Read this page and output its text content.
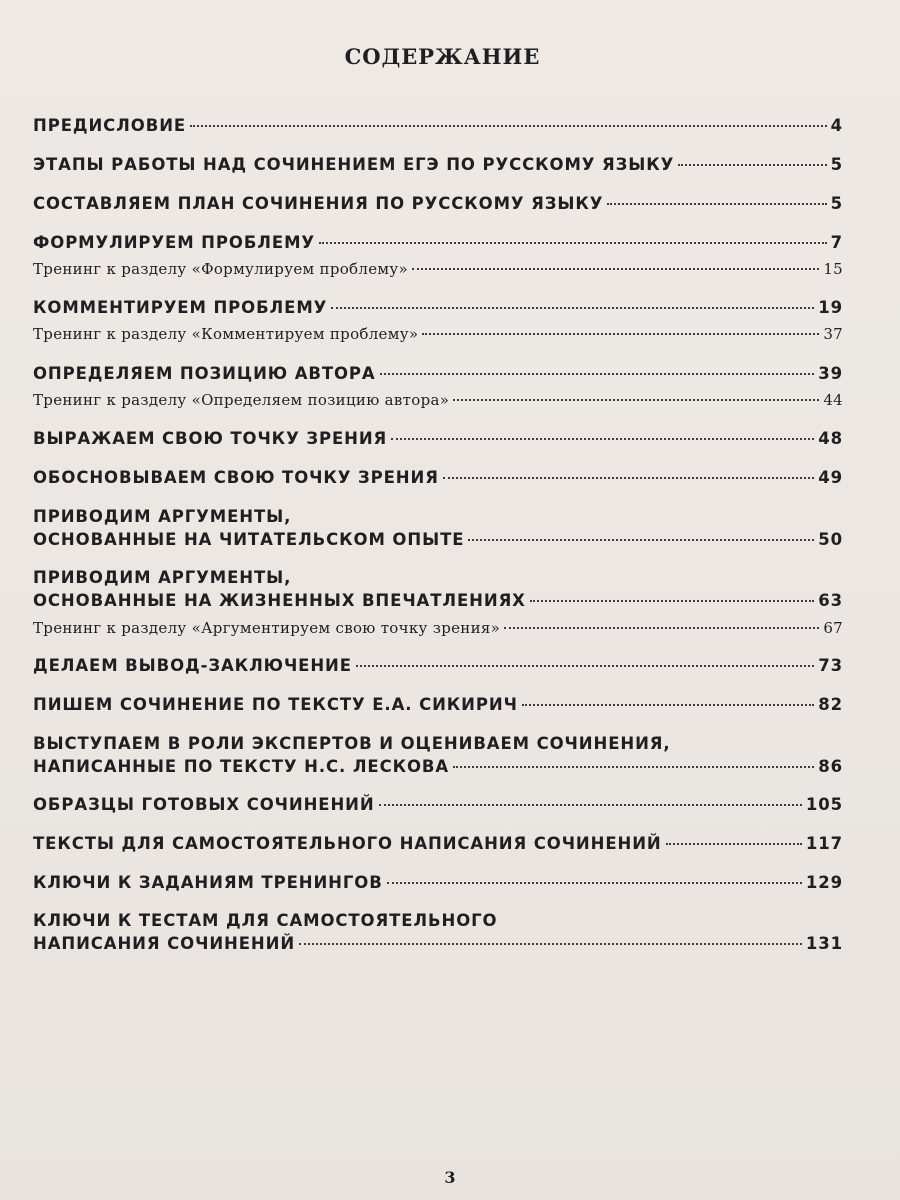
СОДЕРЖАНИЕ
ПРЕДИСЛОВИЕ	4
ЭТАПЫ РАБОТЫ НАД СОЧИНЕНИЕМ ЕГЭ ПО РУССКОМУ ЯЗЫКУ	5
СОСТАВЛЯЕМ ПЛАН СОЧИНЕНИЯ ПО РУССКОМУ ЯЗЫКУ	5
ФОРМУЛИРУЕМ ПРОБЛЕМУ	7
Тренинг к разделу «Формулируем проблему»	15
КОММЕНТИРУЕМ ПРОБЛЕМУ	19
Тренинг к разделу «Комментируем проблему»	37
ОПРЕДЕЛЯЕМ ПОЗИЦИЮ АВТОРА	39
Тренинг к разделу «Определяем позицию автора»	44
ВЫРАЖАЕМ СВОЮ ТОЧКУ ЗРЕНИЯ	48
ОБОСНОВЫВАЕМ СВОЮ ТОЧКУ ЗРЕНИЯ	49
ПРИВОДИМ АРГУМЕНТЫ,
ОСНОВАННЫЕ НА ЧИТАТЕЛЬСКОМ ОПЫТЕ	50
ПРИВОДИМ АРГУМЕНТЫ,
ОСНОВАННЫЕ НА ЖИЗНЕННЫХ ВПЕЧАТЛЕНИЯХ	63
Тренинг к разделу «Аргументируем свою точку зрения»	67
ДЕЛАЕМ ВЫВОД-ЗАКЛЮЧЕНИЕ	73
ПИШЕМ СОЧИНЕНИЕ ПО ТЕКСТУ Е.А. СИКИРИЧ	82
ВЫСТУПАЕМ В РОЛИ ЭКСПЕРТОВ И ОЦЕНИВАЕМ СОЧИНЕНИЯ,
НАПИСАННЫЕ ПО ТЕКСТУ Н.С. ЛЕСКОВА	86
ОБРАЗЦЫ ГОТОВЫХ СОЧИНЕНИЙ	105
ТЕКСТЫ ДЛЯ САМОСТОЯТЕЛЬНОГО НАПИСАНИЯ СОЧИНЕНИЙ	117
КЛЮЧИ К ЗАДАНИЯМ ТРЕНИНГОВ	129
КЛЮЧИ К ТЕСТАМ ДЛЯ САМОСТОЯТЕЛЬНОГО
НАПИСАНИЯ СОЧИНЕНИЙ	131
3
